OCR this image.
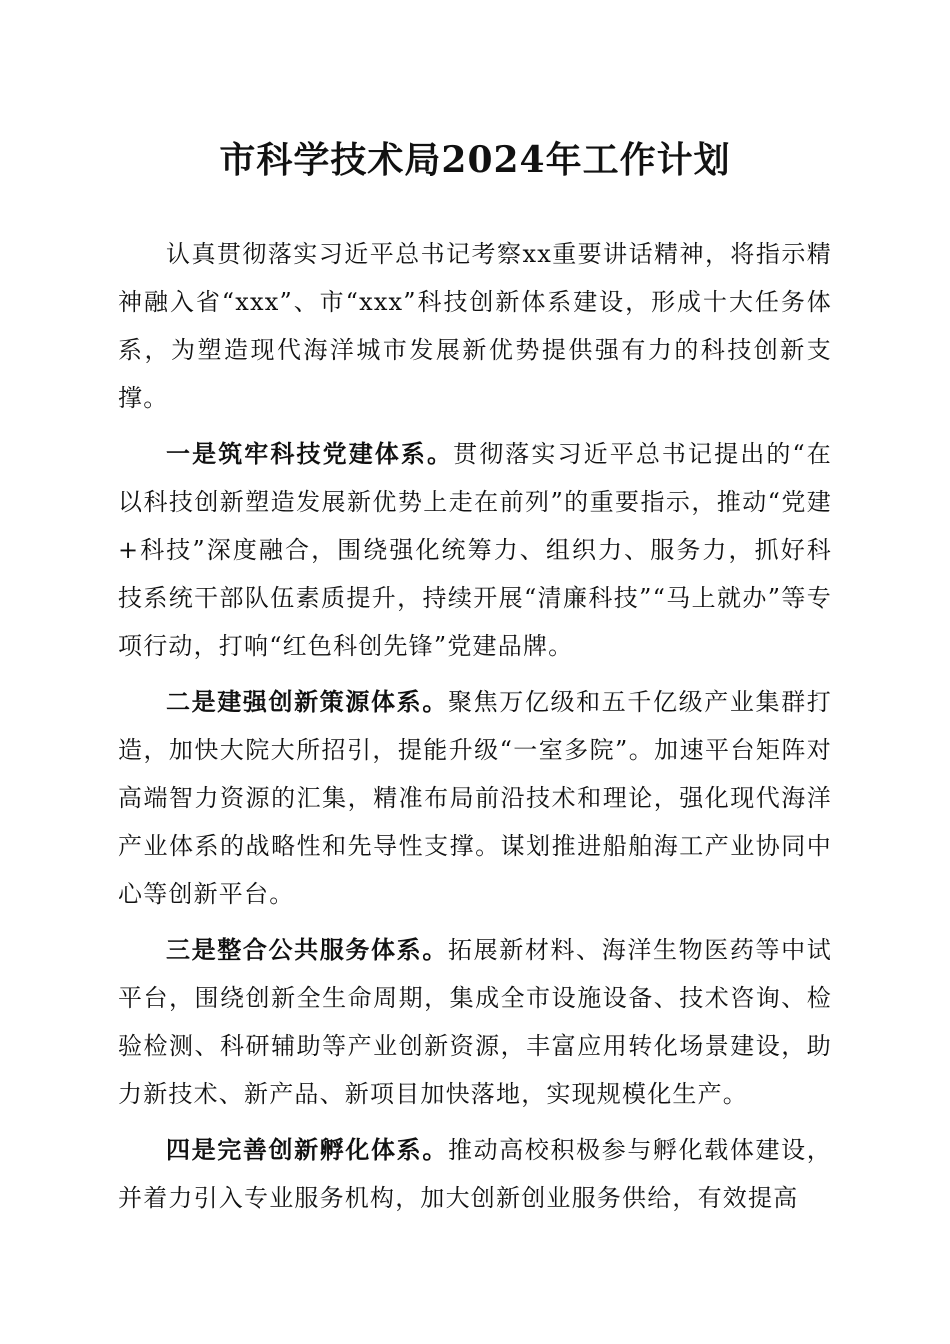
市科学技术局2024年工作计划

认真贯彻落实习近平总书记考察xx重要讲话精神，将指示精神融入省“xxx”、市“xxx”科技创新体系建设，形成十大任务体系，为塑造现代海洋城市发展新优势提供强有力的科技创新支撑。

一是筑牢科技党建体系。贯彻落实习近平总书记提出的“在以科技创新塑造发展新优势上走在前列”的重要指示，推动“党建+科技”深度融合，围绕强化统筹力、组织力、服务力，抓好科技系统干部队伍素质提升，持续开展“清廉科技”“马上就办”等专项行动，打响“红色科创先锋”党建品牌。

二是建强创新策源体系。聚焦万亿级和五千亿级产业集群打造，加快大院大所招引，提能升级“一室多院”。加速平台矩阵对高端智力资源的汇集，精准布局前沿技术和理论，强化现代海洋产业体系的战略性和先导性支撑。谋划推进船舶海工产业协同中心等创新平台。

三是整合公共服务体系。拓展新材料、海洋生物医药等中试平台，围绕创新全生命周期，集成全市设施设备、技术咨询、检验检测、科研辅助等产业创新资源，丰富应用转化场景建设，助力新技术、新产品、新项目加快落地，实现规模化生产。

四是完善创新孵化体系。推动高校积极参与孵化载体建设，并着力引入专业服务机构，加大创新创业服务供给，有效提高
